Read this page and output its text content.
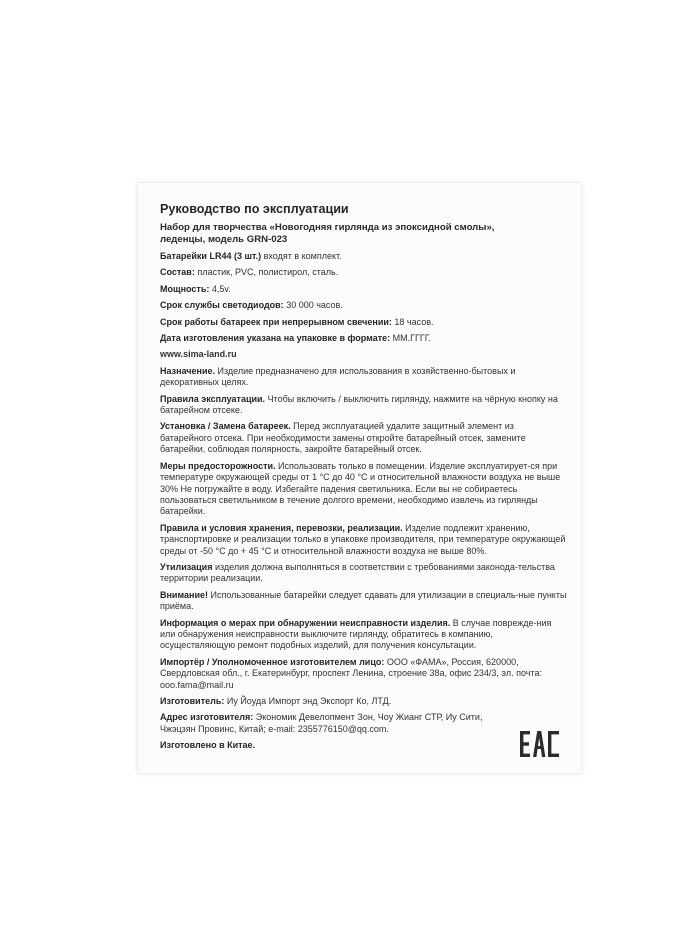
Руководство по эксплуатации
Набор для творчества «Новогодняя гирлянда из эпоксидной смолы»,
леденцы, модель GRN-023
Батарейки LR44 (3 шт.) входят в комплект.
Состав: пластик, PVC, полистирол, сталь.
Мощность: 4,5v.
Срок службы светодиодов: 30 000 часов.
Срок работы батареек при непрерывном свечении: 18 часов.
Дата изготовления указана на упаковке в формате: ММ.ГГГГ.
www.sima-land.ru
Назначение. Изделие предназначено для использования в хозяйственно-бытовых и декоративных целях.
Правила эксплуатации. Чтобы включить / выключить гирлянду, нажмите на чёрную кнопку на батарейном отсеке.
Установка / Замена батареек. Перед эксплуатацией удалите защитный элемент из батарейного отсека. При необходимости замены откройте батарейный отсек, замените батарейки, соблюдая полярность, закройте батарейный отсек.
Меры предосторожности. Использовать только в помещении. Изделие эксплуатирует-ся при температуре окружающей среды от 1 °С до 40 °С и относительной влажности воздуха не выше 30% Не погружайте в воду. Избегайте падения светильника. Если вы не собираетесь пользоваться светильником в течение долгого времени, необходимо извлечь из гирлянды батарейки.
Правила и условия хранения, перевозки, реализации. Изделие подлежит хранению, транспортировке и реализации только в упаковке производителя, при температуре окружающей среды от -50 °С до + 45 °С и относительной влажности воздуха не выше 80%.
Утилизация изделия должна выполняться в соответствии с требованиями законода-тельства территории реализации.
Внимание! Использованные батарейки следует сдавать для утилизации в специаль-ные пункты приёма.
Информация о мерах при обнаружении неисправности изделия. В случае поврежде-ния или обнаружения неисправности выключите гирлянду, обратитесь в компанию, осуществляющую ремонт подобных изделий, для получения консультации.
Импортёр / Уполномоченное изготовителем лицо: ООО «ФАМА», Россия, 620000, Свердловская обл., г. Екатеринбург, проспект Ленина, строение 38а, офис 234/3, эл. почта: ooo.fama@mail.ru
Изготовитель: Иу Йоуда Импорт энд Экспорт Ко, ЛТД.
Адрес изготовителя: Экономик Девелопмент Зон, Чоу Жианг СТР, Иу Сити, Чжэцзян Провинс, Китай; e-mail: 2355776150@qq.com.
Изготовлено в Китае.
